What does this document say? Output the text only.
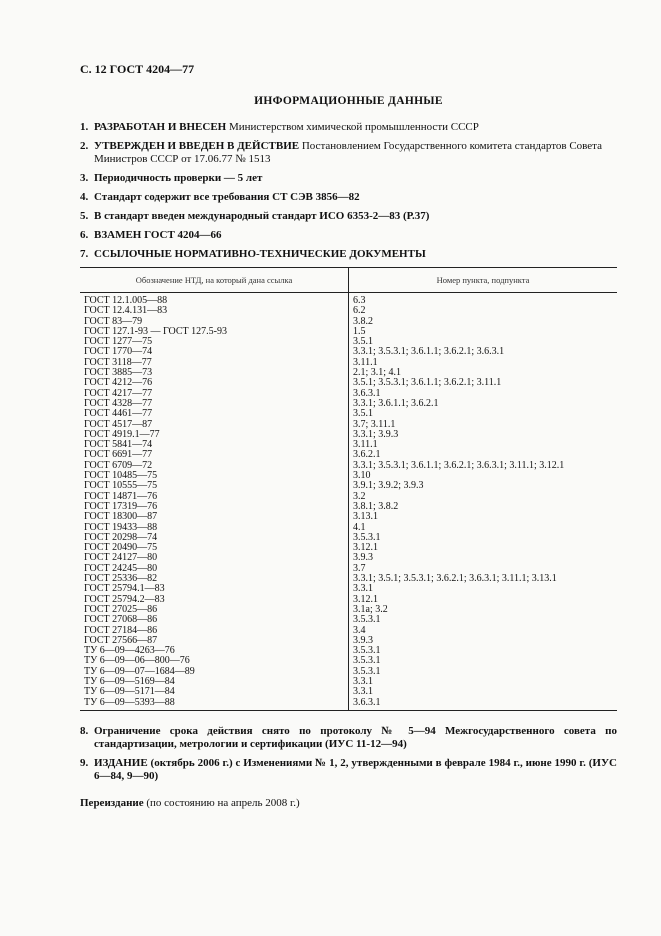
С. 12 ГОСТ 4204—77
ИНФОРМАЦИОННЫЕ ДАННЫЕ
1. РАЗРАБОТАН И ВНЕСЕН Министерством химической промышленности СССР
2. УТВЕРЖДЕН И ВВЕДЕН В ДЕЙСТВИЕ Постановлением Государственного комитета стандартов Совета Министров СССР от 17.06.77 № 1513
3. Периодичность проверки — 5 лет
4. Стандарт содержит все требования СТ СЭВ 3856—82
5. В стандарт введен международный стандарт ИСО 6353-2—83 (Р.37)
6. ВЗАМЕН ГОСТ 4204—66
7. ССЫЛОЧНЫЕ НОРМАТИВНО-ТЕХНИЧЕСКИЕ ДОКУМЕНТЫ
Обозначение НТД, на который дана ссылка	Номер пункта, подпункта
ГОСТ 12.1.005—88	6.3
ГОСТ 12.4.131—83	6.2
ГОСТ 83—79	3.8.2
ГОСТ 127.1-93 — ГОСТ 127.5-93	1.5
ГОСТ 1277—75	3.5.1
ГОСТ 1770—74	3.3.1; 3.5.3.1; 3.6.1.1; 3.6.2.1; 3.6.3.1
ГОСТ 3118—77	3.11.1
ГОСТ 3885—73	2.1; 3.1; 4.1
ГОСТ 4212—76	3.5.1; 3.5.3.1; 3.6.1.1; 3.6.2.1; 3.11.1
ГОСТ 4217—77	3.6.3.1
ГОСТ 4328—77	3.3.1; 3.6.1.1; 3.6.2.1
ГОСТ 4461—77	3.5.1
ГОСТ 4517—87	3.7; 3.11.1
ГОСТ 4919.1—77	3.3.1; 3.9.3
ГОСТ 5841—74	3.11.1
ГОСТ 6691—77	3.6.2.1
ГОСТ 6709—72	3.3.1; 3.5.3.1; 3.6.1.1; 3.6.2.1; 3.6.3.1; 3.11.1; 3.12.1
ГОСТ 10485—75	3.10
ГОСТ 10555—75	3.9.1; 3.9.2; 3.9.3
ГОСТ 14871—76	3.2
ГОСТ 17319—76	3.8.1; 3.8.2
ГОСТ 18300—87	3.13.1
ГОСТ 19433—88	4.1
ГОСТ 20298—74	3.5.3.1
ГОСТ 20490—75	3.12.1
ГОСТ 24127—80	3.9.3
ГОСТ 24245—80	3.7
ГОСТ 25336—82	3.3.1; 3.5.1; 3.5.3.1; 3.6.2.1; 3.6.3.1; 3.11.1; 3.13.1
ГОСТ 25794.1—83	3.3.1
ГОСТ 25794.2—83	3.12.1
ГОСТ 27025—86	3.1а; 3.2
ГОСТ 27068—86	3.5.3.1
ГОСТ 27184—86	3.4
ГОСТ 27566—87	3.9.3
ТУ 6—09—4263—76	3.5.3.1
ТУ 6—09—06—800—76	3.5.3.1
ТУ 6—09—07—1684—89	3.5.3.1
ТУ 6—09—5169—84	3.3.1
ТУ 6—09—5171—84	3.3.1
ТУ 6—09—5393—88	3.6.3.1
8. Ограничение срока действия снято по протоколу № 5—94 Межгосударственного совета по стандартизации, метрологии и сертификации (ИУС 11-12—94)
9. ИЗДАНИЕ (октябрь 2006 г.) с Изменениями № 1, 2, утвержденными в феврале 1984 г., июне 1990 г. (ИУС 6—84, 9—90)
Переиздание (по состоянию на апрель 2008 г.)
